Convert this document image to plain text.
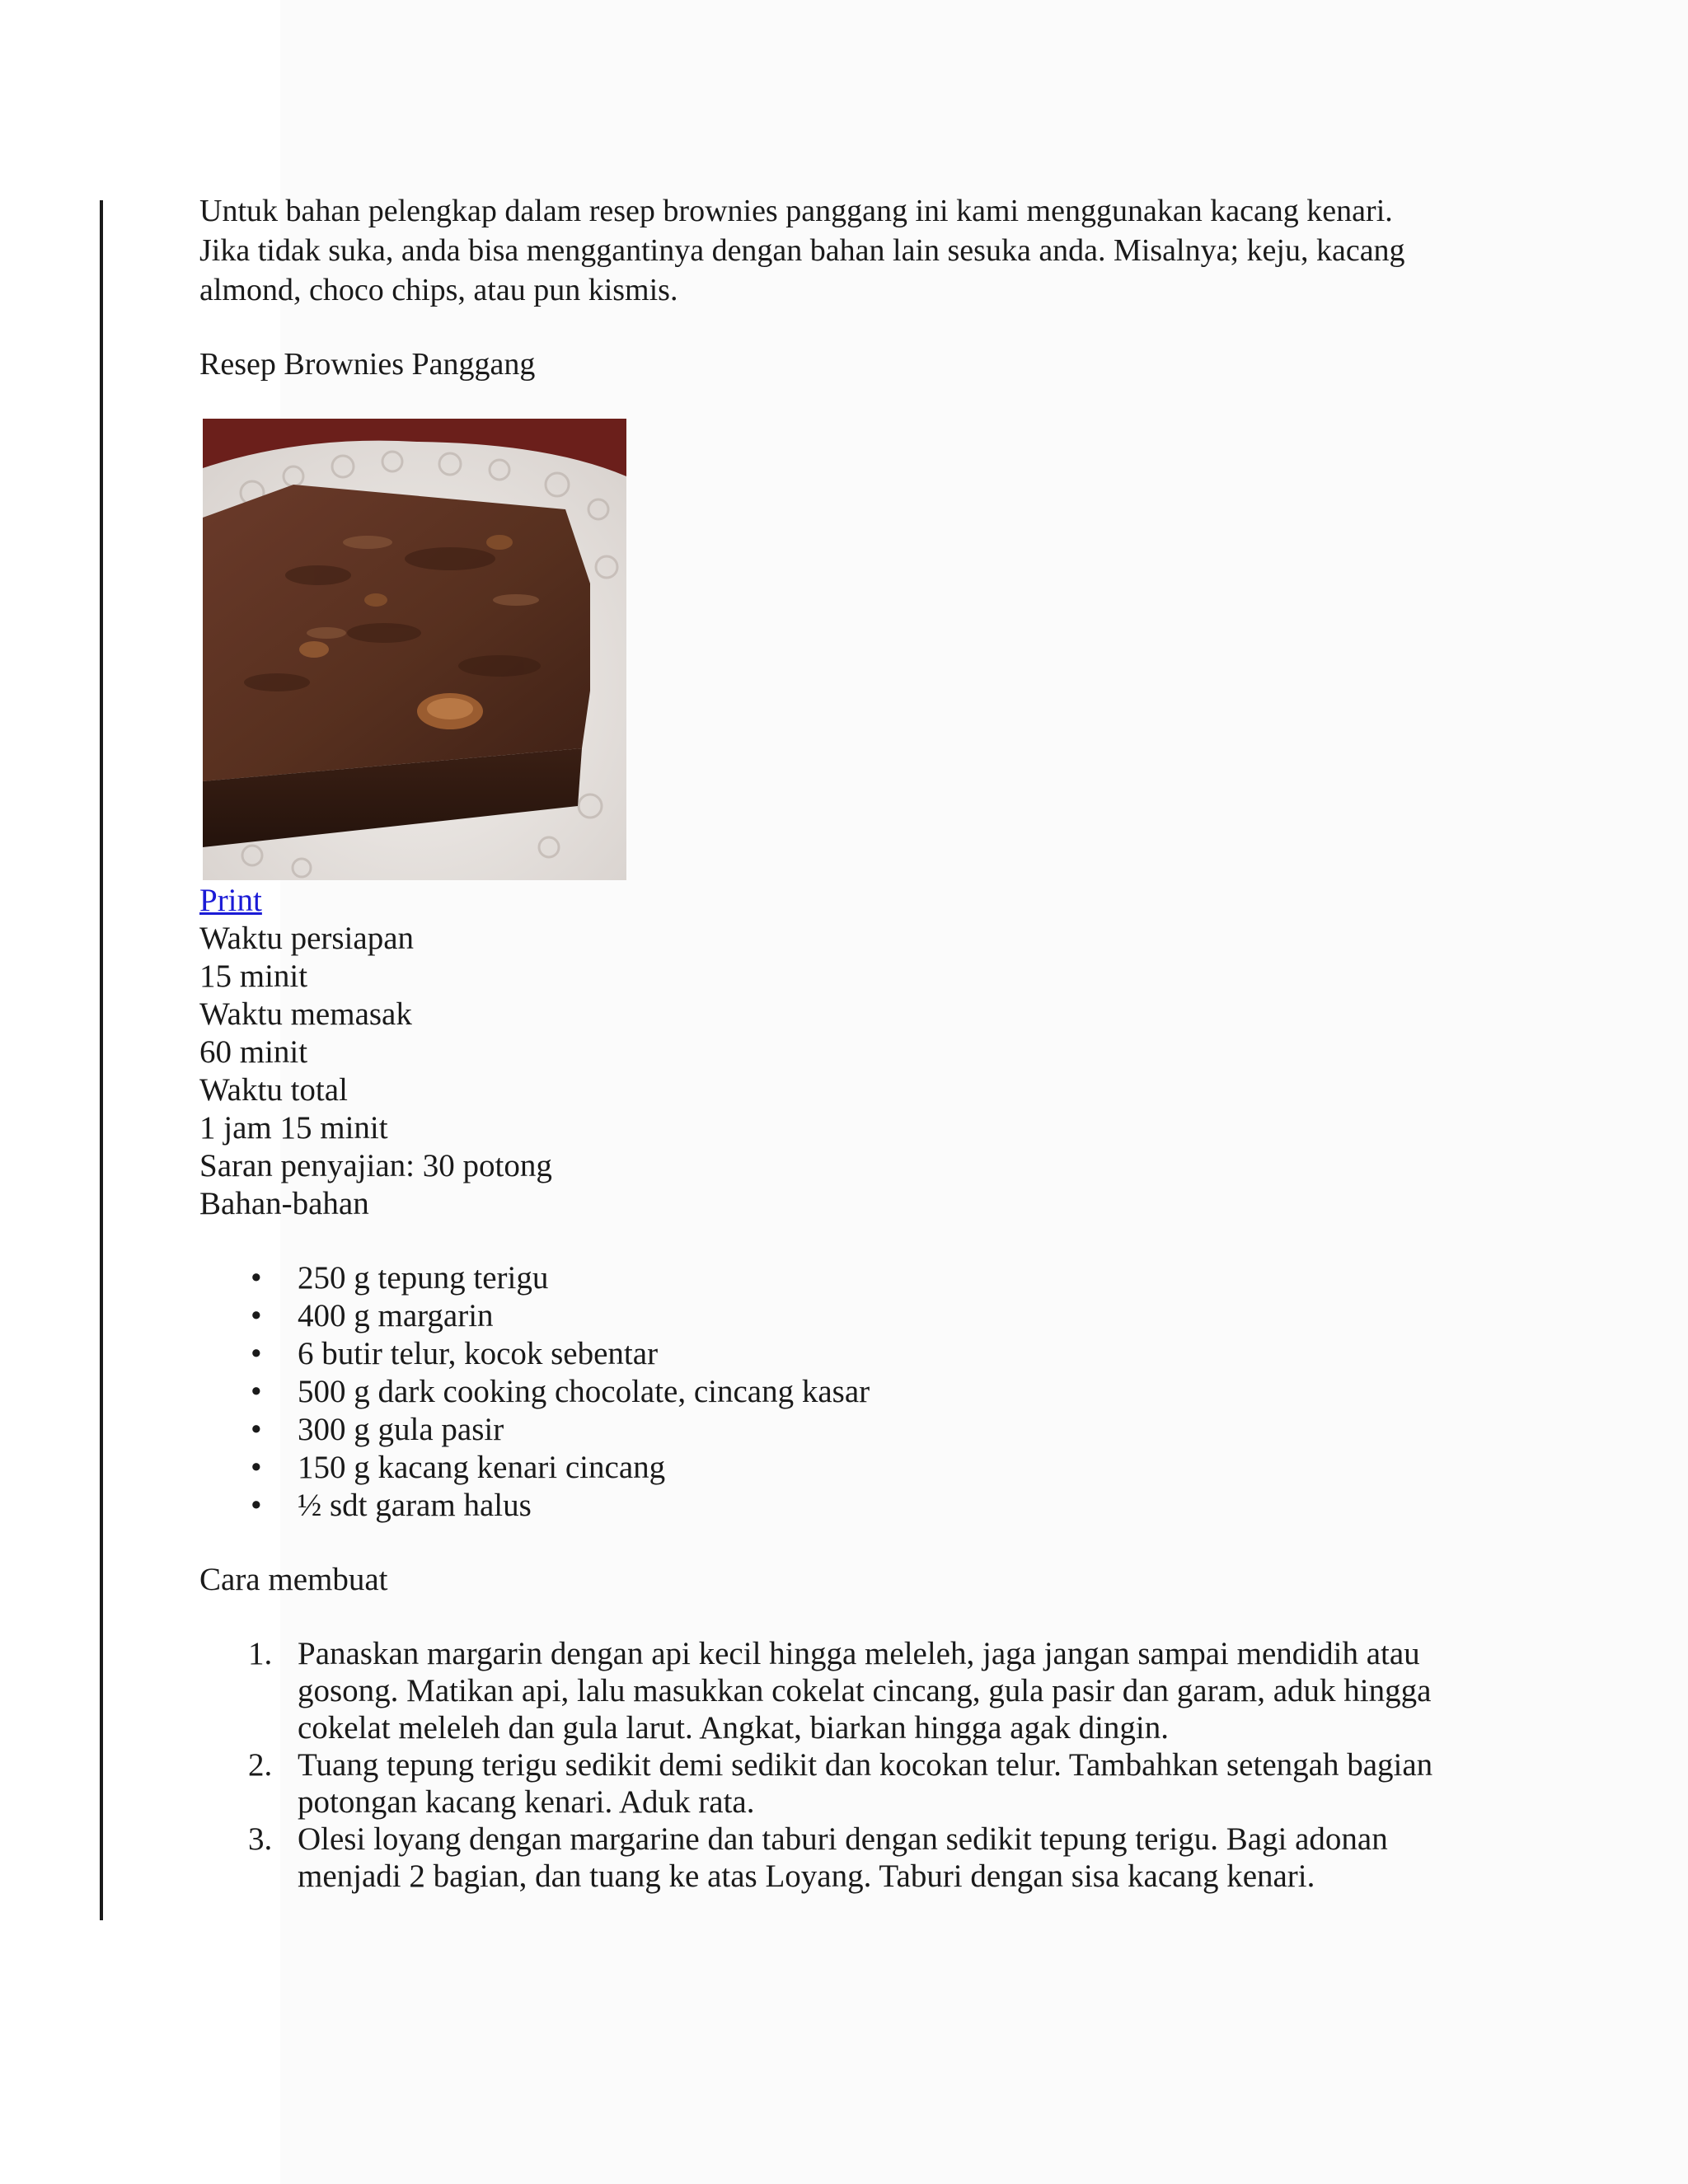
Untuk bahan pelengkap dalam resep brownies panggang ini kami menggunakan kacang kenari.

Jika tidak suka, anda bisa menggantinya dengan bahan lain sesuka anda. Misalnya; keju, kacang

almond, choco chips, atau pun kismis.

Resep Brownies Panggang
Print
Waktu persiapan
15 minit
Waktu memasak
60 minit
Waktu total
1 jam 15 minit
Saran penyajian: 30 potong
Bahan-bahan
• 250 g tepung terigu
• 400 g margarin
• 6 butir telur, kocok sebentar
• 500 g dark cooking chocolate, cincang kasar
• 300 g gula pasir
• 150 g kacang kenari cincang
• ½ sdt garam halus
Cara membuat
1. Panaskan margarin dengan api kecil hingga meleleh, jaga jangan sampai mendidih atau
gosong. Matikan api, lalu masukkan cokelat cincang, gula pasir dan garam, aduk hingga
cokelat meleleh dan gula larut. Angkat, biarkan hingga agak dingin.
2. Tuang tepung terigu sedikit demi sedikit dan kocokan telur. Tambahkan setengah bagian
potongan kacang kenari. Aduk rata.
3. Olesi loyang dengan margarine dan taburi dengan sedikit tepung terigu. Bagi adonan
menjadi 2 bagian, dan tuang ke atas Loyang. Taburi dengan sisa kacang kenari.
